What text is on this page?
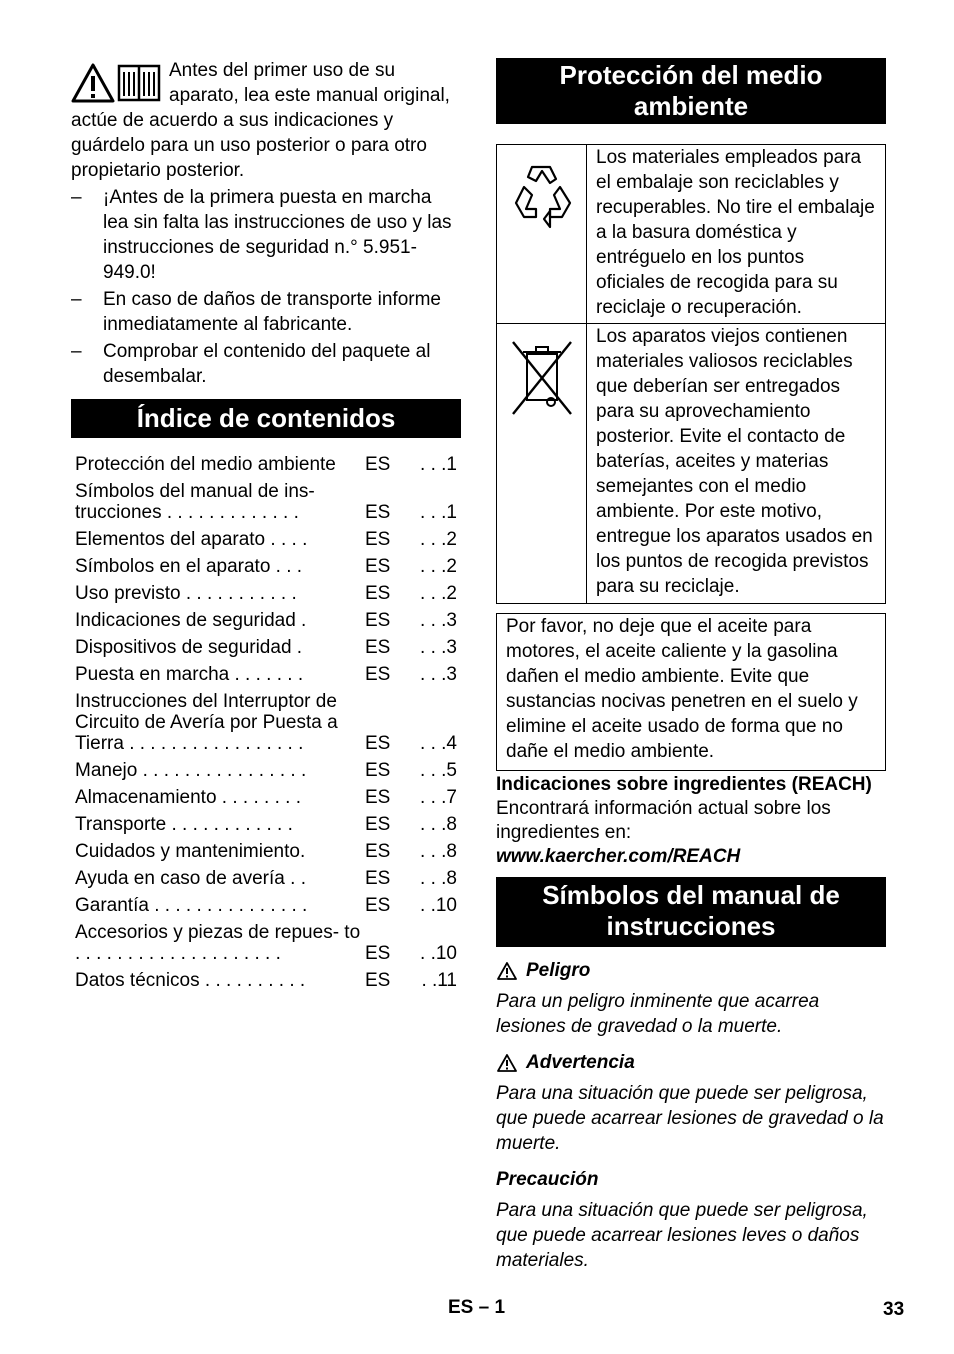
Antes del primer uso de su aparato, lea este manual original, actúe de acuerdo a sus indicaciones y guárdelo para un uso posterior o para otro propietario posterior.
– ¡Antes de la primera puesta en marcha lea sin falta las instrucciones de uso y las instrucciones de seguridad n.° 5.951-949.0!
– En caso de daños de transporte informe inmediatamente al fabricante.
– Comprobar el contenido del paquete al desembalar.
Índice de contenidos
Protección del medio ambiente	ES	. . .1
Símbolos del manual de ins- trucciones . . . . . . . . . . . . .	ES	. . .1
Elementos del aparato . . . .	ES	. . .2
Símbolos en el aparato . . .	ES	. . .2
Uso previsto . . . . . . . . . . .	ES	. . .2
Indicaciones de seguridad .	ES	. . .3
Dispositivos de seguridad .	ES	. . .3
Puesta en marcha . . . . . . .	ES	. . .3
Instrucciones del Interruptor de Circuito de Avería por Puesta a Tierra . . . . . . . . . . . . . . . . .	ES	. . .4
Manejo . . . . . . . . . . . . . . . .	ES	. . .5
Almacenamiento . . . . . . . .	ES	. . .7
Transporte . . . . . . . . . . . .	ES	. . .8
Cuidados y mantenimiento.	ES	. . .8
Ayuda en caso de avería . .	ES	. . .8
Garantía . . . . . . . . . . . . . . .	ES	. .10
Accesorios y piezas de repues- to . . . . . . . . . . . . . . . . . . . .	ES	. .10
Datos técnicos . . . . . . . . . .	ES	. .11
Protección del medio ambiente
Los materiales empleados para el embalaje son reciclables y recuperables. No tire el embalaje a la basura doméstica y entréguelo en los puntos oficiales de recogida para su reciclaje o recuperación.
Los aparatos viejos contienen materiales valiosos reciclables que deberían ser entregados para su aprovechamiento posterior. Evite el contacto de baterías, aceites y materias semejantes con el medio ambiente. Por este motivo, entregue los aparatos usados en los puntos de recogida previstos para su reciclaje.
Por favor, no deje que el aceite para motores, el aceite caliente y la gasolina dañen el medio ambiente. Evite que sustancias nocivas penetren en el suelo y elimine el aceite usado de forma que no dañe el medio ambiente.
Indicaciones sobre ingredientes (REACH)
Encontrará información actual sobre los ingredientes en:
www.kaercher.com/REACH
Símbolos del manual de instrucciones
Peligro
Para un peligro inminente que acarrea lesiones de gravedad o la muerte.
Advertencia
Para una situación que puede ser peligrosa, que puede acarrear lesiones de gravedad o la muerte.
Precaución
Para una situación que puede ser peligrosa, que puede acarrear lesiones leves o daños materiales.
ES – 1	33
